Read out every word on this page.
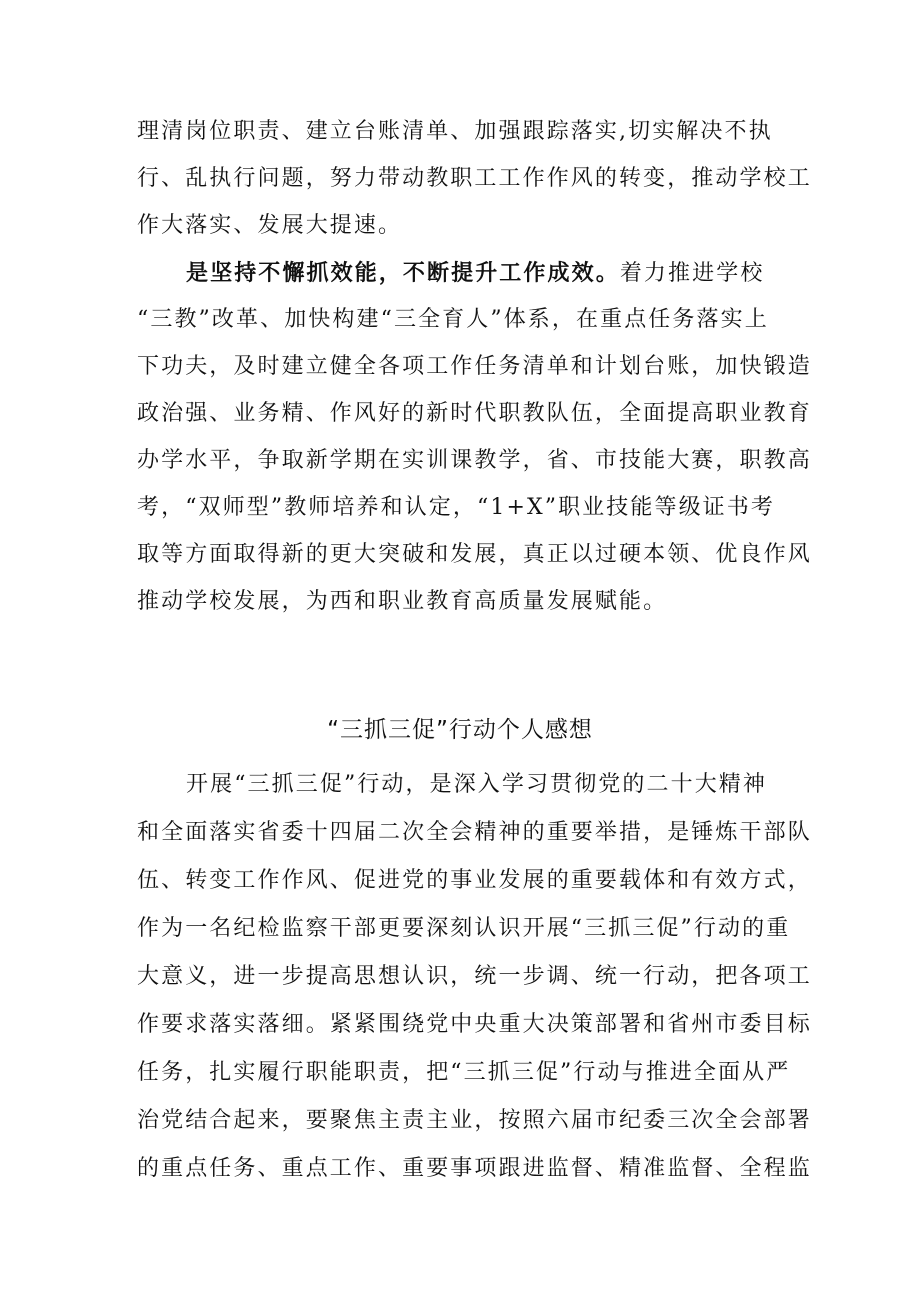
理清岗位职责、建立台账清单、加强跟踪落实,切实解决不执
行、乱执行问题，努力带动教职工工作作风的转变，推动学校工
作大落实、发展大提速。
是坚持不懈抓效能，不断提升工作成效。着力推进学校
“三教”改革、加快构建“三全育人”体系，在重点任务落实上
下功夫，及时建立健全各项工作任务清单和计划台账，加快锻造
政治强、业务精、作风好的新时代职教队伍，全面提高职业教育
办学水平，争取新学期在实训课教学，省、市技能大赛，职教高
考，“双师型”教师培养和认定，“1+X”职业技能等级证书考
取等方面取得新的更大突破和发展，真正以过硬本领、优良作风
推动学校发展，为西和职业教育高质量发展赋能。
“三抓三促”行动个人感想
开展“三抓三促”行动，是深入学习贯彻党的二十大精神
和全面落实省委十四届二次全会精神的重要举措，是锤炼干部队
伍、转变工作作风、促进党的事业发展的重要载体和有效方式，
作为一名纪检监察干部更要深刻认识开展“三抓三促”行动的重
大意义，进一步提高思想认识，统一步调、统一行动，把各项工
作要求落实落细。紧紧围绕党中央重大决策部署和省州市委目标
任务，扎实履行职能职责，把“三抓三促”行动与推进全面从严
治党结合起来，要聚焦主责主业，按照六届市纪委三次全会部署
的重点任务、重点工作、重要事项跟进监督、精准监督、全程监
